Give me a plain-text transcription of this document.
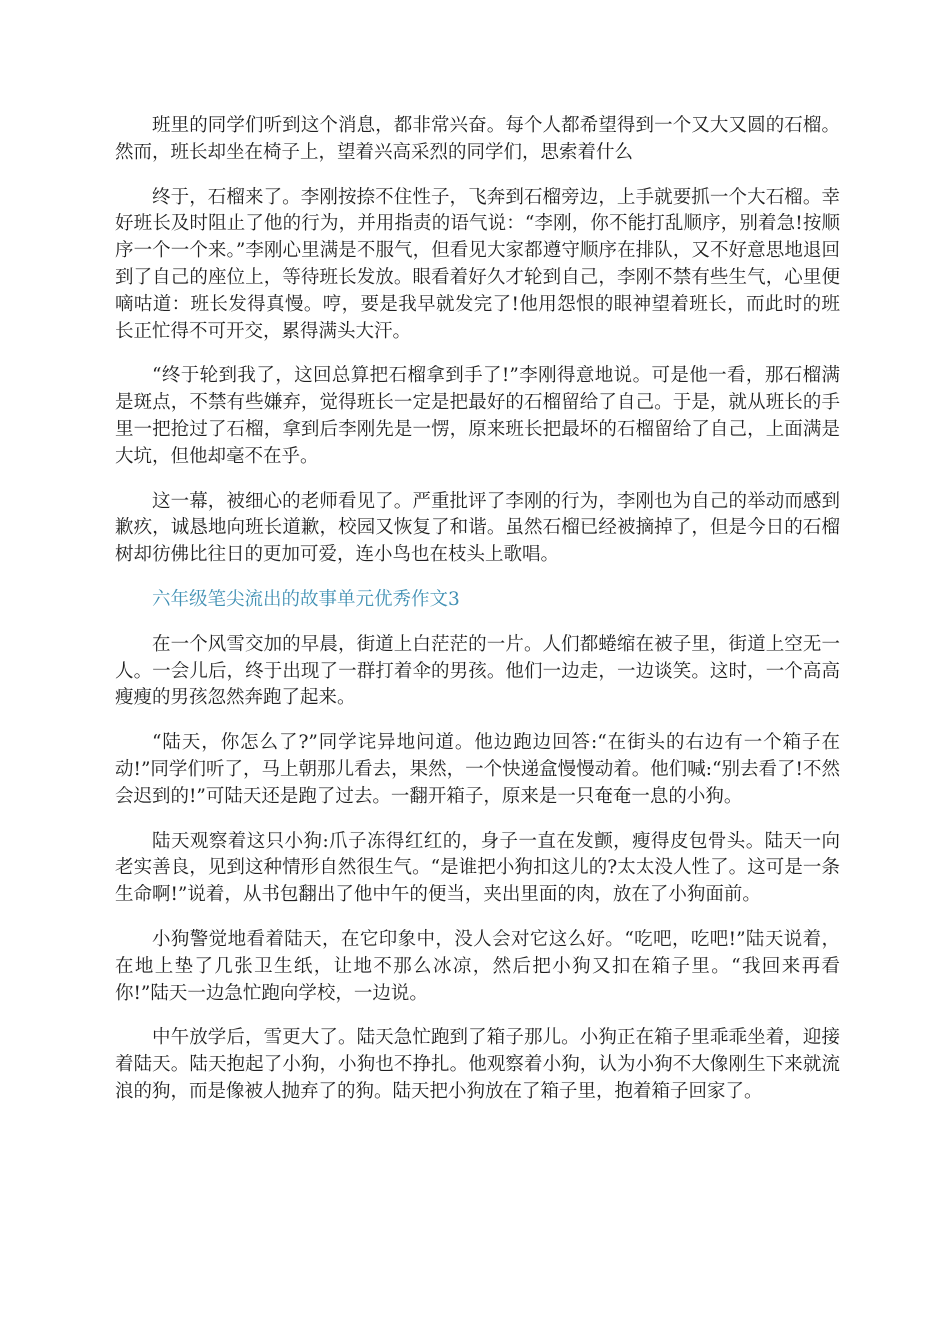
班里的同学们听到这个消息，都非常兴奋。每个人都希望得到一个又大又圆的石榴。然而，班长却坐在椅子上，望着兴高采烈的同学们，思索着什么

终于，石榴来了。李刚按捺不住性子，飞奔到石榴旁边，上手就要抓一个大石榴。幸好班长及时阻止了他的行为，并用指责的语气说：“李刚，你不能打乱顺序，别着急!按顺序一个一个来。”李刚心里满是不服气，但看见大家都遵守顺序在排队，又不好意思地退回到了自己的座位上，等待班长发放。眼看着好久才轮到自己，李刚不禁有些生气，心里便嘀咕道：班长发得真慢。哼，要是我早就发完了!他用怨恨的眼神望着班长，而此时的班长正忙得不可开交，累得满头大汗。

“终于轮到我了，这回总算把石榴拿到手了!”李刚得意地说。可是他一看，那石榴满是斑点，不禁有些嫌弃，觉得班长一定是把最好的石榴留给了自己。于是，就从班长的手里一把抢过了石榴，拿到后李刚先是一愣，原来班长把最坏的石榴留给了自己，上面满是大坑，但他却毫不在乎。

这一幕，被细心的老师看见了。严重批评了李刚的行为，李刚也为自己的举动而感到歉疚，诚恳地向班长道歉，校园又恢复了和谐。虽然石榴已经被摘掉了，但是今日的石榴树却彷佛比往日的更加可爱，连小鸟也在枝头上歌唱。

六年级笔尖流出的故事单元优秀作文3

在一个风雪交加的早晨，街道上白茫茫的一片。人们都蜷缩在被子里，街道上空无一人。一会儿后，终于出现了一群打着伞的男孩。他们一边走，一边谈笑。这时，一个高高瘦瘦的男孩忽然奔跑了起来。

“陆天，你怎么了?”同学诧异地问道。他边跑边回答:“在街头的右边有一个箱子在动!”同学们听了，马上朝那儿看去，果然，一个快递盒慢慢动着。他们喊:“别去看了!不然会迟到的!”可陆天还是跑了过去。一翻开箱子，原来是一只奄奄一息的小狗。

陆天观察着这只小狗:爪子冻得红红的，身子一直在发颤，瘦得皮包骨头。陆天一向老实善良，见到这种情形自然很生气。“是谁把小狗扣这儿的?太太没人性了。这可是一条生命啊!”说着，从书包翻出了他中午的便当，夹出里面的肉，放在了小狗面前。

小狗警觉地看着陆天，在它印象中，没人会对它这么好。“吃吧，吃吧!”陆天说着，在地上垫了几张卫生纸，让地不那么冰凉，然后把小狗又扣在箱子里。“我回来再看你!”陆天一边急忙跑向学校，一边说。

中午放学后，雪更大了。陆天急忙跑到了箱子那儿。小狗正在箱子里乖乖坐着，迎接着陆天。陆天抱起了小狗，小狗也不挣扎。他观察着小狗，认为小狗不大像刚生下来就流浪的狗，而是像被人抛弃了的狗。陆天把小狗放在了箱子里，抱着箱子回家了。
